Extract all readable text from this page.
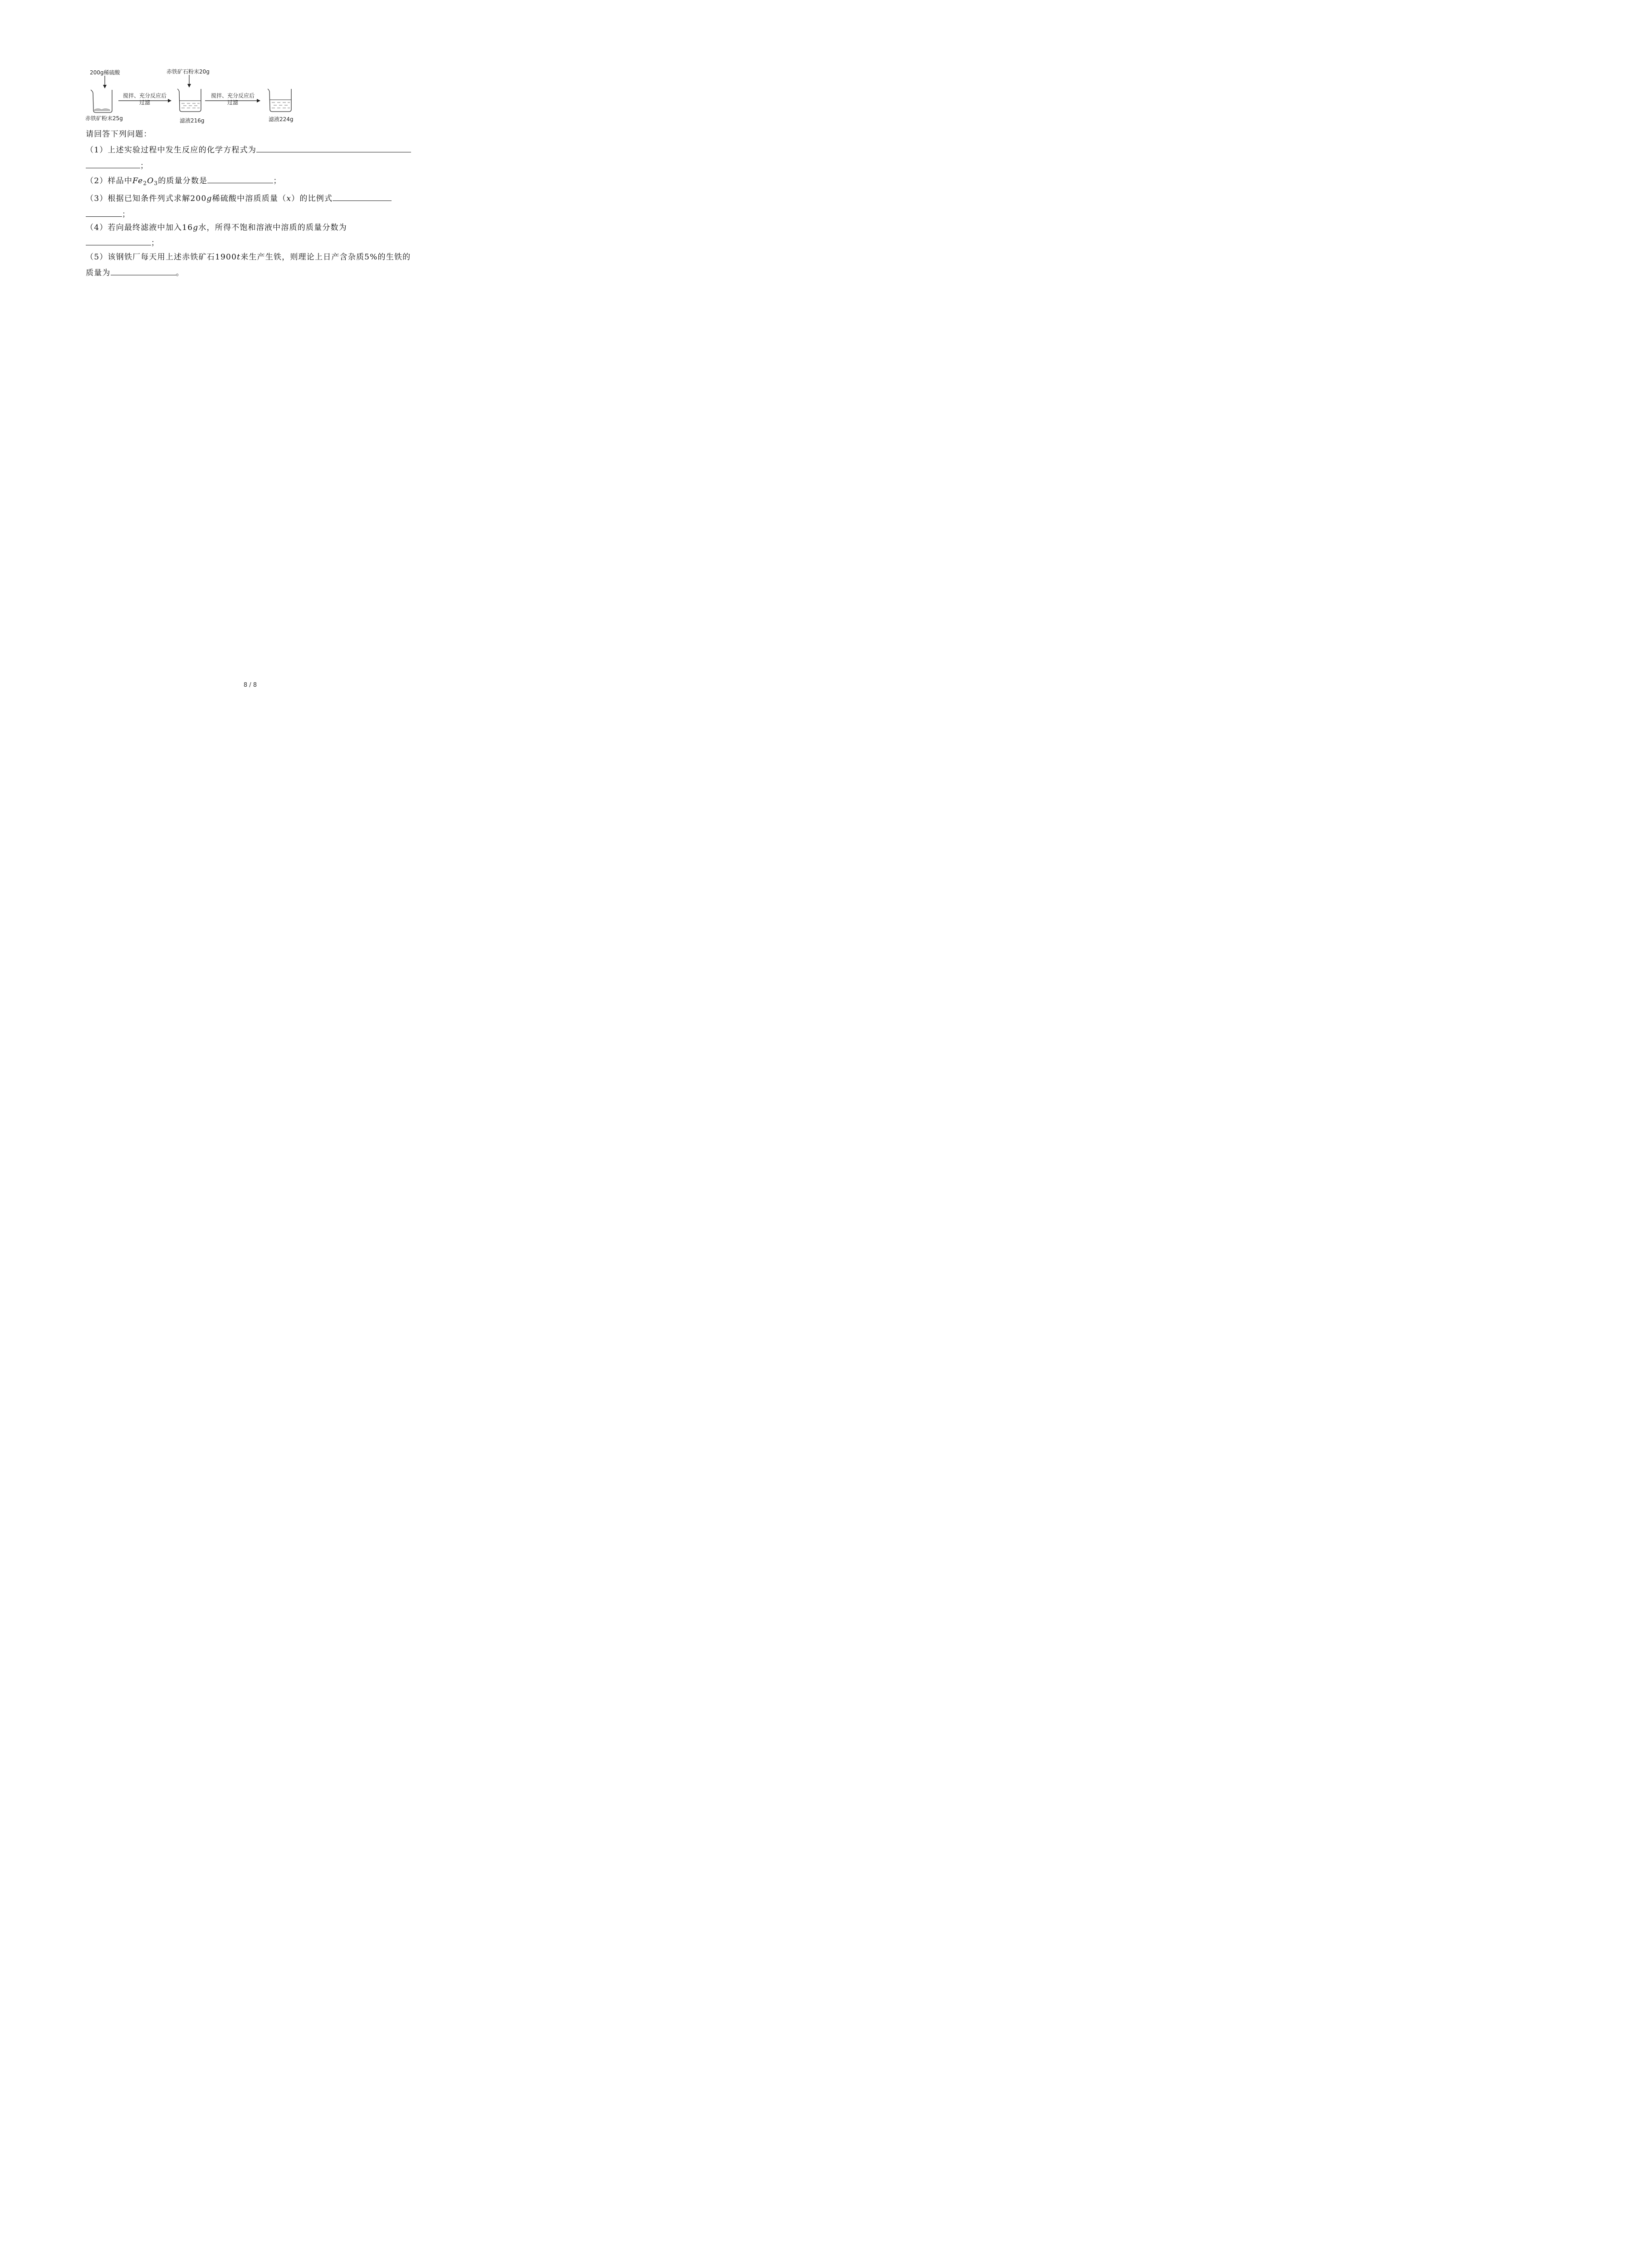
200g稀硫酸	赤铁矿石粉末20g
搅拌、充分反应后
过滤
搅拌、充分反应后
过滤
赤铁矿粉末25g	滤液216g	滤液224g
请回答下列问题：
（1）上述实验过程中发生反应的化学方程式为
；
（2）样品中$Fe_2O_3$的质量分数是	；
（3）根据已知条件列式求解200g稀硫酸中溶质质量（x）的比例式
；
（4）若向最终滤液中加入16g水，所得不饱和溶液中溶质的质量分数为
；
（5）该钢铁厂每天用上述赤铁矿石1900t来生产生铁，则理论上日产含杂质5%的生铁的
质量为	。
8 / 8
